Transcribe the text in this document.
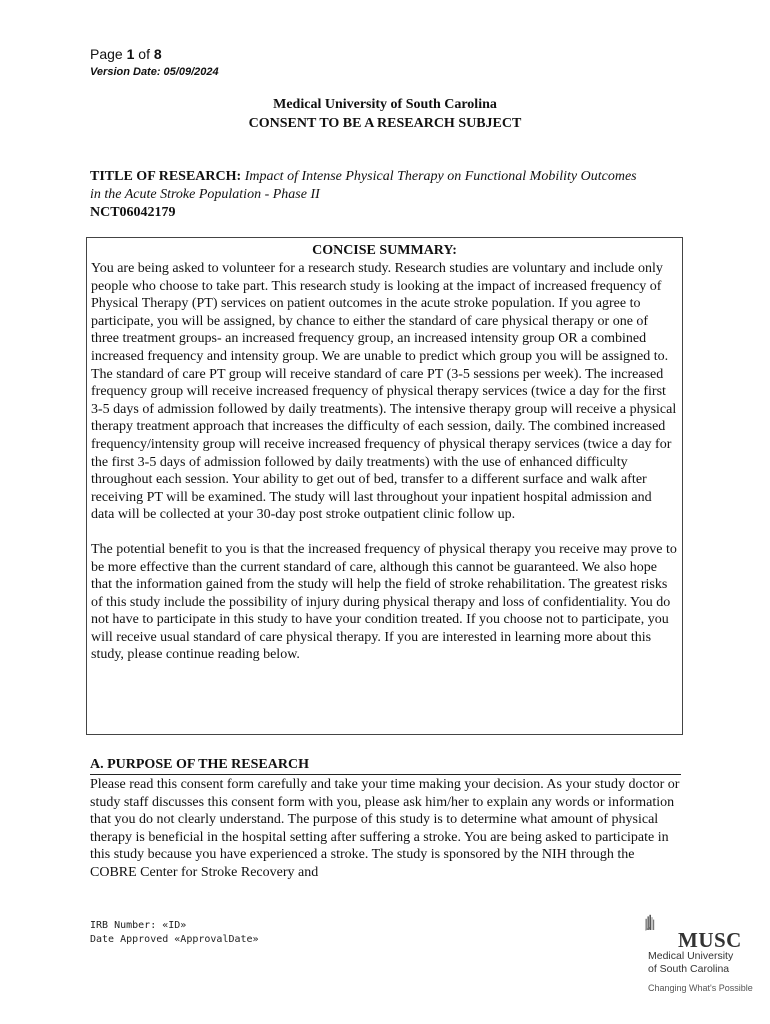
Page 1 of 8
Version Date: 05/09/2024
Medical University of South Carolina
CONSENT TO BE A RESEARCH SUBJECT
TITLE OF RESEARCH: Impact of Intense Physical Therapy on Functional Mobility Outcomes in the Acute Stroke Population - Phase II
NCT06042179
CONCISE SUMMARY:

You are being asked to volunteer for a research study. Research studies are voluntary and include only people who choose to take part. This research study is looking at the impact of increased frequency of Physical Therapy (PT) services on patient outcomes in the acute stroke population. If you agree to participate, you will be assigned, by chance to either the standard of care physical therapy or one of three treatment groups- an increased frequency group, an increased intensity group OR a combined increased frequency and intensity group. We are unable to predict which group you will be assigned to. The standard of care PT group will receive standard of care PT (3-5 sessions per week). The increased frequency group will receive increased frequency of physical therapy services (twice a day for the first 3-5 days of admission followed by daily treatments). The intensive therapy group will receive a physical therapy treatment approach that increases the difficulty of each session, daily. The combined increased frequency/intensity group will receive increased frequency of physical therapy services (twice a day for the first 3-5 days of admission followed by daily treatments) with the use of enhanced difficulty throughout each session. Your ability to get out of bed, transfer to a different surface and walk after receiving PT will be examined. The study will last throughout your inpatient hospital admission and data will be collected at your 30-day post stroke outpatient clinic follow up.

The potential benefit to you is that the increased frequency of physical therapy you receive may prove to be more effective than the current standard of care, although this cannot be guaranteed. We also hope that the information gained from the study will help the field of stroke rehabilitation. The greatest risks of this study include the possibility of injury during physical therapy and loss of confidentiality. You do not have to participate in this study to have your condition treated. If you choose not to participate, you will receive usual standard of care physical therapy. If you are interested in learning more about this study, please continue reading below.

A. PURPOSE OF THE RESEARCH
Please read this consent form carefully and take your time making your decision. As your study doctor or study staff discusses this consent form with you, please ask him/her to explain any words or information that you do not clearly understand. The purpose of this study is to determine what amount of physical therapy is beneficial in the hospital setting after suffering a stroke. You are being asked to participate in this study because you have experienced a stroke. The study is sponsored by the NIH through the COBRE Center for Stroke Recovery and
IRB Number: «ID»
Date Approved «ApprovalDate»	MUSC
Medical University
of South Carolina
Changing What's Possible
